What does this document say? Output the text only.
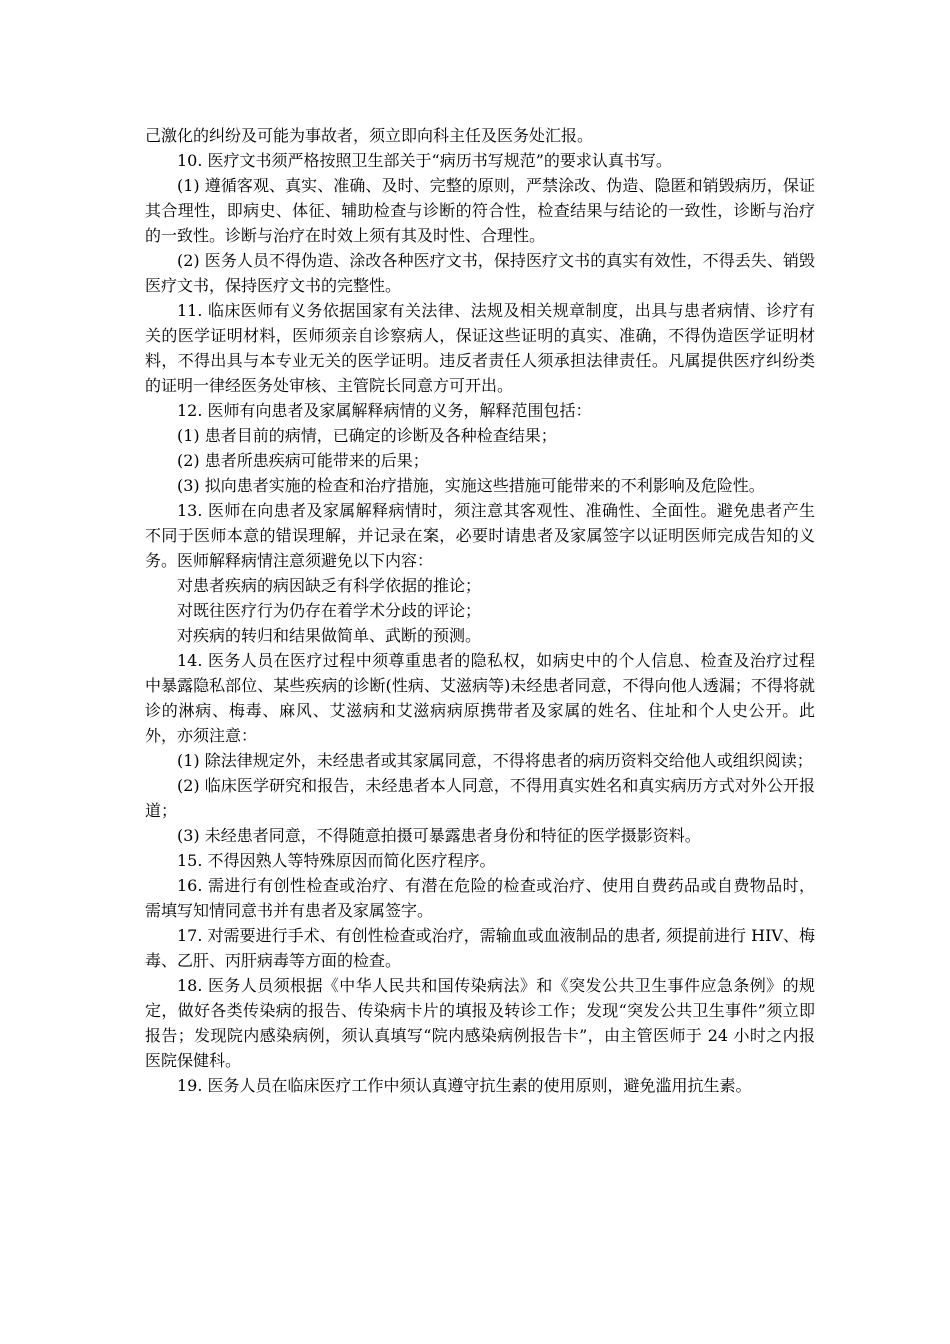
己激化的纠纷及可能为事故者，须立即向科主任及医务处汇报。

10. 医疗文书须严格按照卫生部关于“病历书写规范”的要求认真书写。

(1) 遵循客观、真实、准确、及时、完整的原则，严禁涂改、伪造、隐匿和销毁病历，保证其合理性，即病史、体征、辅助检查与诊断的符合性，检查结果与结论的一致性，诊断与治疗的一致性。诊断与治疗在时效上须有其及时性、合理性。

(2) 医务人员不得伪造、涂改各种医疗文书，保持医疗文书的真实有效性，不得丢失、销毁医疗文书，保持医疗文书的完整性。

11. 临床医师有义务依据国家有关法律、法规及相关规章制度，出具与患者病情、诊疗有关的医学证明材料，医师须亲自诊察病人，保证这些证明的真实、准确，不得伪造医学证明材料，不得出具与本专业无关的医学证明。违反者责任人须承担法律责任。凡属提供医疗纠纷类的证明一律经医务处审核、主管院长同意方可开出。

12. 医师有向患者及家属解释病情的义务，解释范围包括：

(1) 患者目前的病情，已确定的诊断及各种检查结果；

(2) 患者所患疾病可能带来的后果；

(3) 拟向患者实施的检查和治疗措施，实施这些措施可能带来的不利影响及危险性。

13. 医师在向患者及家属解释病情时，须注意其客观性、准确性、全面性。避免患者产生不同于医师本意的错误理解，并记录在案，必要时请患者及家属签字以证明医师完成告知的义务。医师解释病情注意须避免以下内容：

对患者疾病的病因缺乏有科学依据的推论；

对既往医疗行为仍存在着学术分歧的评论；

对疾病的转归和结果做简单、武断的预测。

14. 医务人员在医疗过程中须尊重患者的隐私权，如病史中的个人信息、检查及治疗过程中暴露隐私部位、某些疾病的诊断(性病、艾滋病等)未经患者同意，不得向他人透漏；不得将就诊的淋病、梅毒、麻风、艾滋病和艾滋病病原携带者及家属的姓名、住址和个人史公开。此外，亦须注意：

(1) 除法律规定外，未经患者或其家属同意，不得将患者的病历资料交给他人或组织阅读；

(2) 临床医学研究和报告，未经患者本人同意，不得用真实姓名和真实病历方式对外公开报道；

(3) 未经患者同意，不得随意拍摄可暴露患者身份和特征的医学摄影资料。

15. 不得因熟人等特殊原因而简化医疗程序。

16. 需进行有创性检查或治疗、有潜在危险的检查或治疗、使用自费药品或自费物品时，需填写知情同意书并有患者及家属签字。

17. 对需要进行手术、有创性检查或治疗，需输血或血液制品的患者, 须提前进行 HIV、梅毒、乙肝、丙肝病毒等方面的检查。

18. 医务人员须根据《中华人民共和国传染病法》和《突发公共卫生事件应急条例》的规定，做好各类传染病的报告、传染病卡片的填报及转诊工作；发现“突发公共卫生事件”须立即报告；发现院内感染病例，须认真填写“院内感染病例报告卡”，由主管医师于 24 小时之内报医院保健科。

19. 医务人员在临床医疗工作中须认真遵守抗生素的使用原则，避免滥用抗生素。
